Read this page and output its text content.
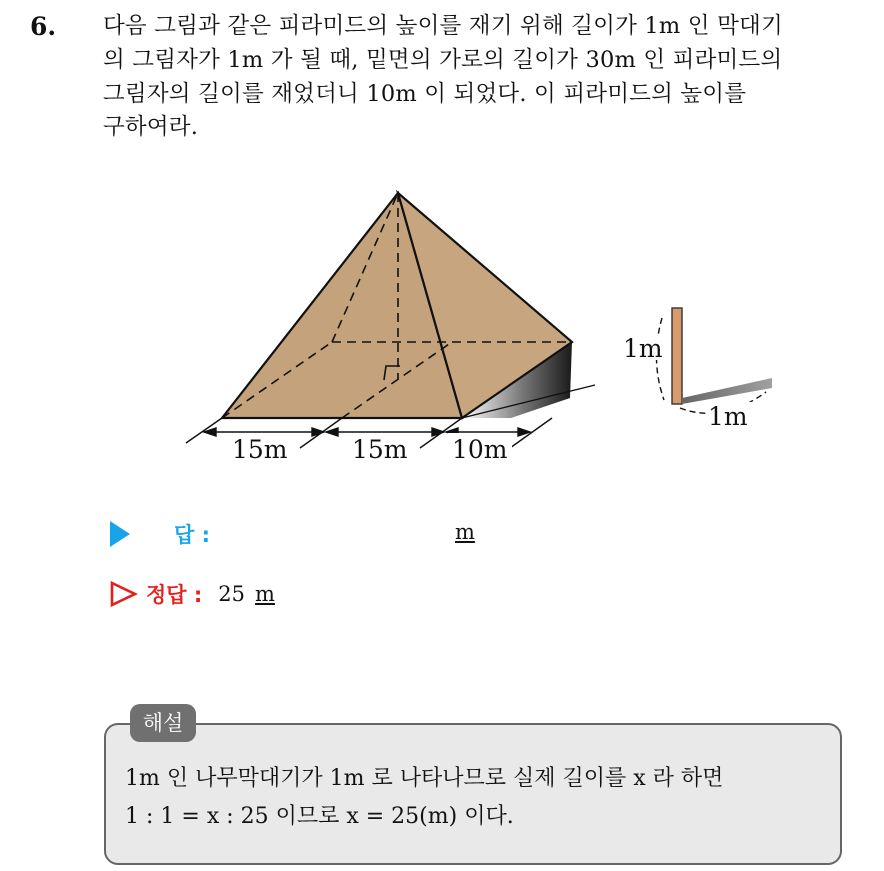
6. 다음 그림과 같은 피라미드의 높이를 재기 위해 길이가 1m 인 막대기
의 그림자가 1m 가 될 때, 밑면의 가로의 길이가 30m 인 피라미드의
그림자의 길이를 재었더니 10m 이 되었다. 이 피라미드의 높이를
구하여라.
15m	15m 10m
1m
1m
답 :	m
정답 : 25 m
해설
1m 인 나무막대기가 1m 로 나타나므로 실제 길이를 x 라 하면
1 : 1 = x : 25 이므로 x = 25(m) 이다.
